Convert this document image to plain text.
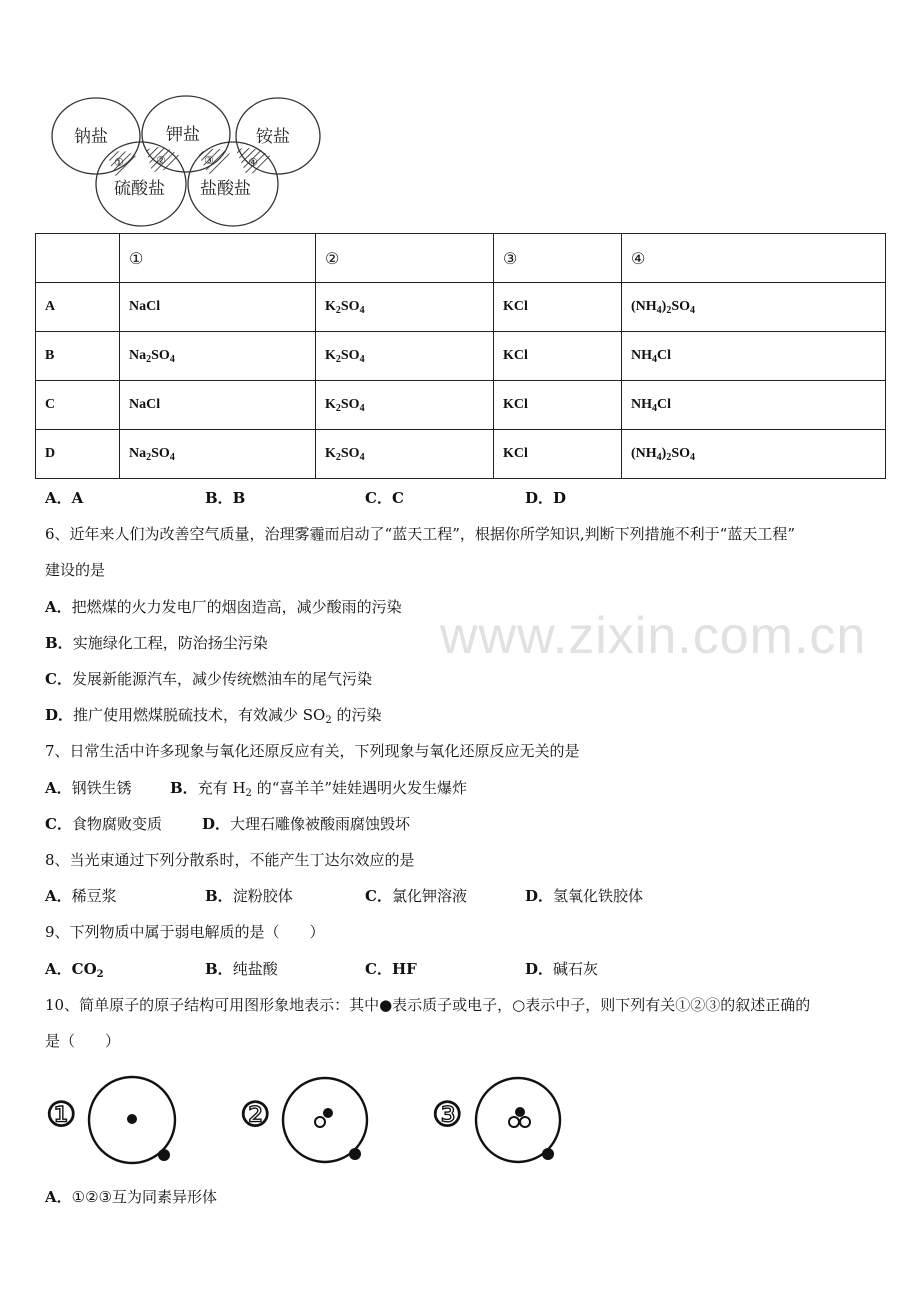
钠盐	钾盐	铵盐
硫酸盐 盐酸盐
①	②	③	④
	①	②	③	④
A	NaCl	$K_2SO_4$	KCl	$(NH_4)_2SO_4$
B	$Na_2SO_4$	$K_2SO_4$	KCl	$NH_4Cl$
C	NaCl	$K_2SO_4$	KCl	$NH_4Cl$
D	$Na_2SO_4$	$K_2SO_4$	KCl	$(NH_4)_2SO_4$
A．A	B．B	C．C	D．D
6、近年来人们为改善空气质量，治理雾霾而启动了“蓝天工程”，根据你所学知识,判断下列措施不利于“蓝天工程”
建设的是
A．把燃煤的火力发电厂的烟囱造高，减少酸雨的污染
B．实施绿化工程，防治扬尘污染
C．发展新能源汽车，减少传统燃油车的尾气污染
D．推广使用燃煤脱硫技术，有效减少 $SO_2$ 的污染
www.zixin.com.cn
7、日常生活中许多现象与氧化还原反应有关，下列现象与氧化还原反应无关的是
A．钢铁生锈	B．充有 $H_2$ 的“喜羊羊”娃娃遇明火发生爆炸
C．食物腐败变质	D．大理石雕像被酸雨腐蚀毁坏
8、当光束通过下列分散系时，不能产生丁达尔效应的是
A．稀豆浆	B．淀粉胶体	C．氯化钾溶液	D．氢氧化铁胶体
9、下列物质中属于弱电解质的是（　　）
A．$CO_2$	B．纯盐酸	C．HF	D．碱石灰
10、简单原子的原子结构可用图形象地表示：其中●表示质子或电子，○表示中子，则下列有关①②③的叙述正确的
是（　　）
①	②	③
A．①②③互为同素异形体
